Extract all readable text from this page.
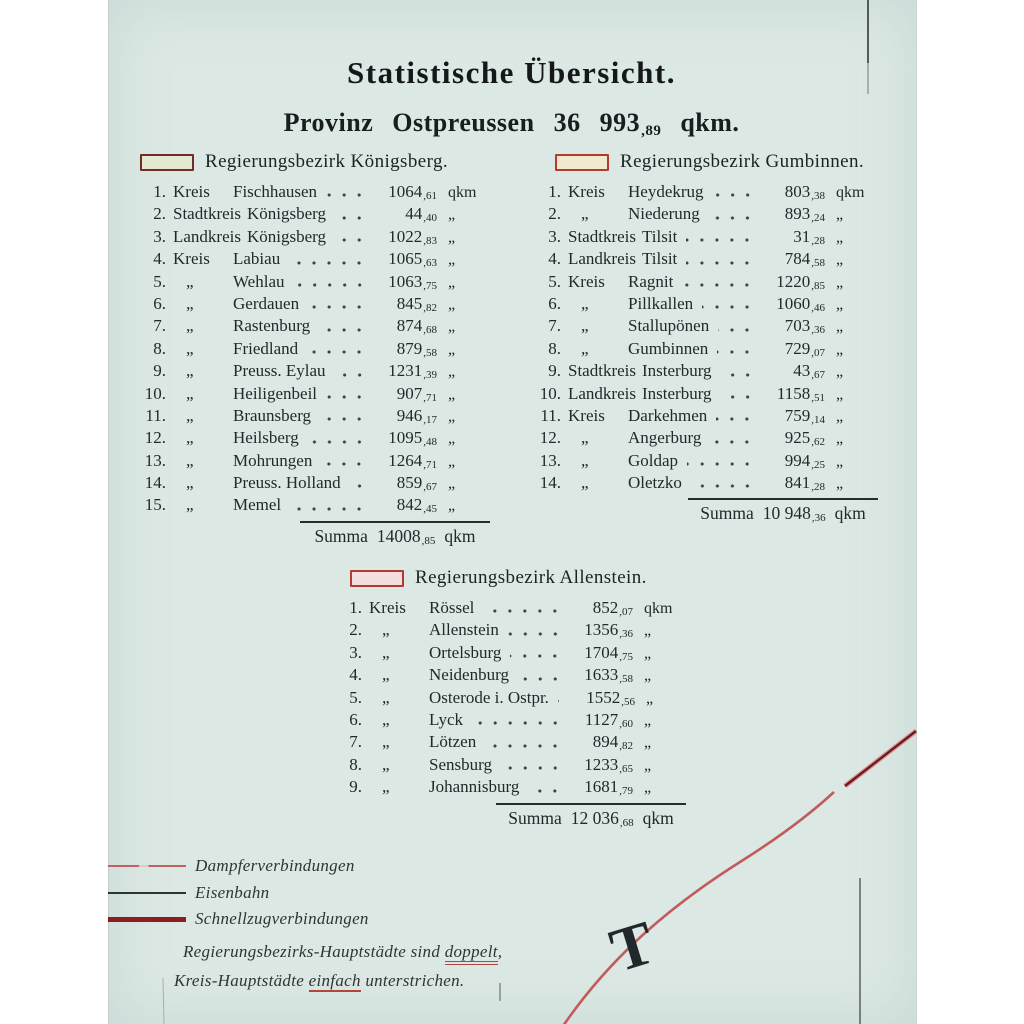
Statistische Übersicht.
Provinz Ostpreussen 36 993,89 qkm.
Regierungsbezirk Königsberg.
1. Kreis Fischhausen	1064,61 qkm
2. Stadtkreis Königsberg	44,40 „
3. Landkreis Königsberg	1022,83 „
4. Kreis Labiau	1065,63 „
5.	„ Wehlau	1063,75 „
6.	„ Gerdauen	845,82 „
7.	„ Rastenburg	874,68 „
8.	„ Friedland	879,58 „
9.	„ Preuss. Eylau	1231,39 „
10.	„ Heiligenbeil	907,71 „
11.	„ Braunsberg	946,17 „
12.	„ Heilsberg	1095,48 „
13.	„ Mohrungen	1264,71 „
14.	„ Preuss. Holland	859,67 „
15.	„ Memel	842,45 „
Summa 14008,85 qkm
Regierungsbezirk Gumbinnen.
1. Kreis Heydekrug	803,38 qkm
2.	„ Niederung	893,24 „
3. Stadtkreis Tilsit	31,28 „
4. Landkreis Tilsit	784,58 „
5. Kreis Ragnit	1220,85 „
6.	„ Pillkallen	1060,46 „
7.	„ Stallupönen	703,36 „
8.	„ Gumbinnen	729,07 „
9. Stadtkreis Insterburg	43,67 „
10. Landkreis Insterburg	1158,51 „
11. Kreis Darkehmen	759,14 „
12.	„ Angerburg	925,62 „
13.	„ Goldap	994,25 „
14.	„ Oletzko	841,28 „
Summa 10 948,36 qkm
Regierungsbezirk Allenstein.
1. Kreis Rössel	852,07 qkm
2.	„ Allenstein	1356,36 „
3.	„ Ortelsburg	1704,75 „
4.	„ Neidenburg	1633,58 „
5.	„ Osterode i. Ostpr.	1552,56 „
6.	„ Lyck	1127,60 „
7.	„ Lötzen	894,82 „
8.	„ Sensburg	1233,65 „
9.	„ Johannisburg	1681,79 „
Summa 12 036,68 qkm
Dampferverbindungen
Eisenbahn
Schnellzugverbindungen
Regierungsbezirks-Hauptstädte sind doppelt,
Kreis-Hauptstädte einfach unterstrichen. T
